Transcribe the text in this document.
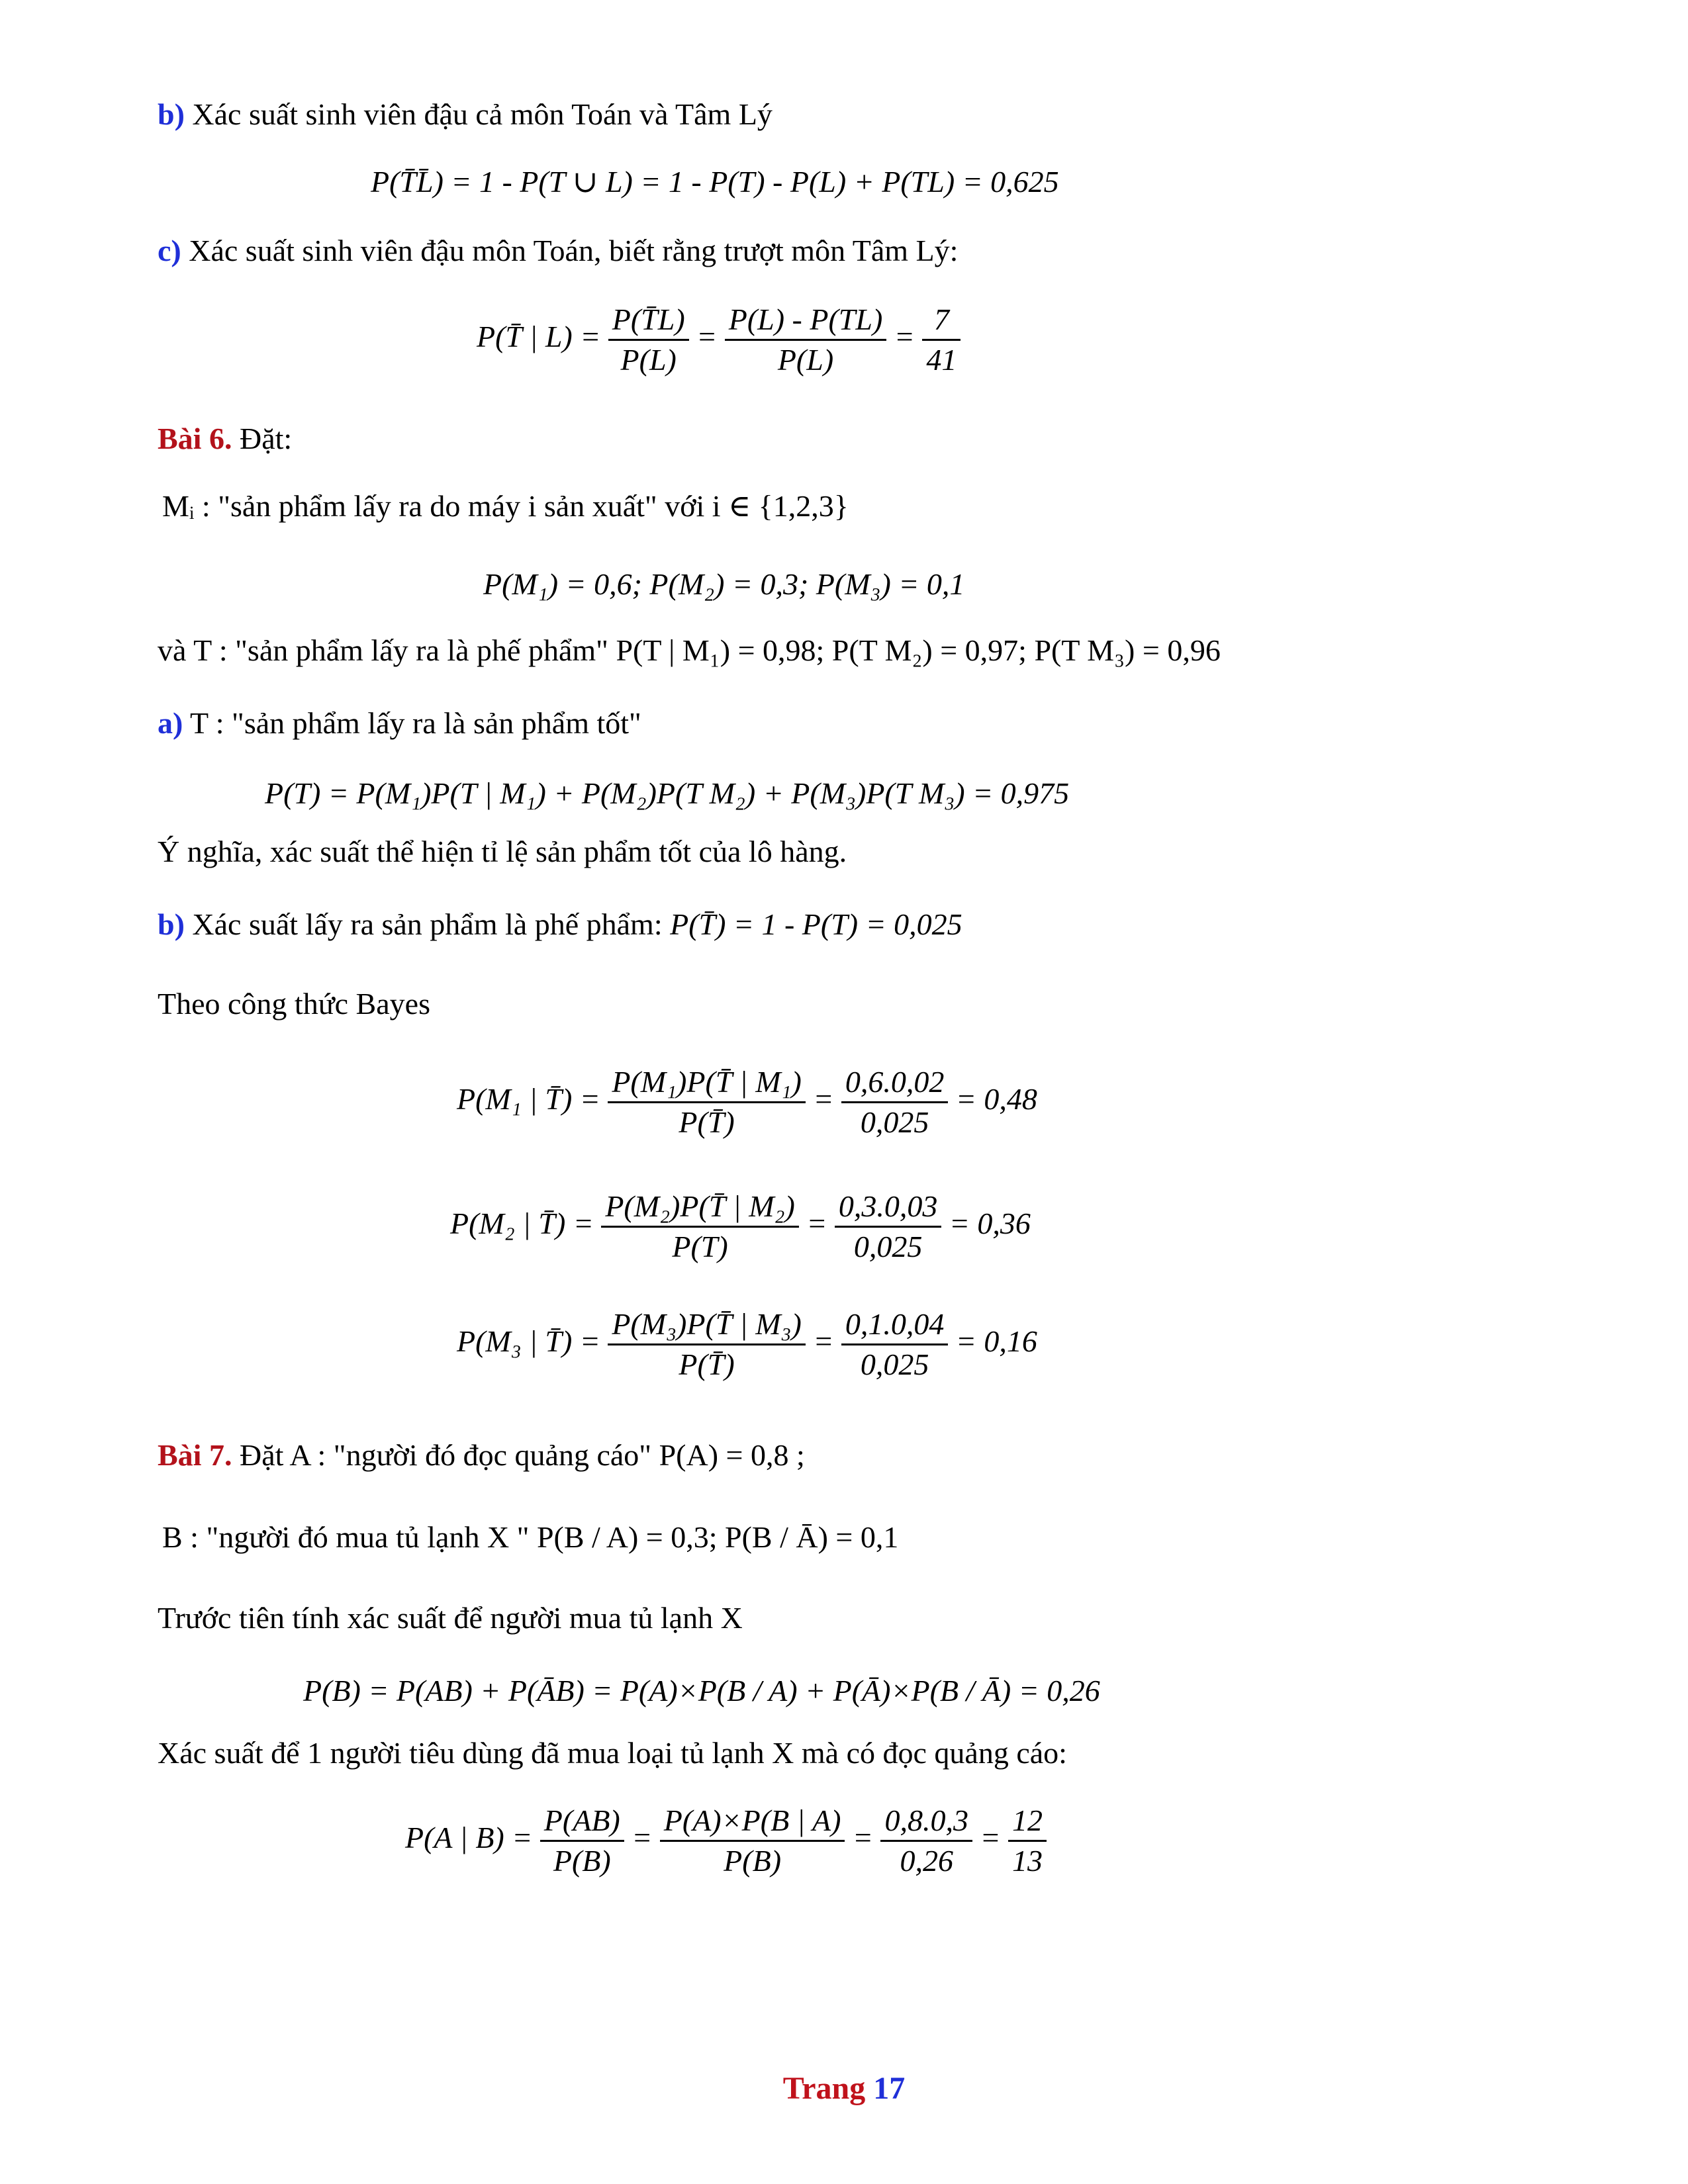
b) Xác suất sinh viên đậu cả môn Toán và Tâm Lý
P(T̄L̄) = 1 - P(T ∪ L) = 1 - P(T) - P(L) + P(TL) = 0,625
c) Xác suất sinh viên đậu môn Toán, biết rằng trượt môn Tâm Lý:
P(T̄ | $L) = \frac{P(T̄L)}{P(L)} = \frac{P(L) - P(TL)}{P(L)} = \frac{7}{41}$
Bài 6. Đặt:
Mᵢ : "sản phẩm lấy ra do máy i sản xuất" với i ∈ {1,2,3}
P(M₁) = 0,6; P(M₂) = 0,3; P(M₃) = 0,1
và T : "sản phẩm lấy ra là phế phẩm" P(T | M₁) = 0,98; P(T M₂) = 0,97; P(T M₃) = 0,96
a) T : "sản phẩm lấy ra là sản phẩm tốt"
P(T) = P(M₁)P(T | M₁) + P(M₂)P(T M₂) + P(M₃)P(T M₃) = 0,975
Ý nghĩa, xác suất thể hiện tỉ lệ sản phẩm tốt của lô hàng.
b) Xác suất lấy ra sản phẩm là phế phẩm: P(T̄) = 1 - P(T) = 0,025
Theo công thức Bayes
P(M₁ | T̄) = $\frac{\text{P(M₁)P(T̄ | M₁)}}{P(T̄)} = \frac{0,6.0,02}{0,025} = 0,48$
P(M₂ | T̄) = $\frac{\text{P(M₂)P(T̄ | M₂)}}{P(T)} = \frac{0,3.0,03}{0,025} = 0,36$
P(M₃ | T̄) = $\frac{\text{P(M₃)P(T̄ | M₃)}}{P(T̄)} = \frac{0,1.0,04}{0,025} = 0,16$
Bài 7. Đặt A : "người đó đọc quảng cáo" P(A) = 0,8 ;
B : "người đó mua tủ lạnh X " P(B / A) = 0,3; P(B / Ā) = 0,1
Trước tiên tính xác suất để người mua tủ lạnh X
P(B) = P(AB) + P(ĀB) = P(A)×P(B / A) + P(Ā)×P(B / Ā) = 0,26
Xác suất để 1 người tiêu dùng đã mua loại tủ lạnh X mà có đọc quảng cáo:
P(A | $B) = \frac{P(AB)}{P(B)} = \frac{P(A)\times P(B | A)}{P(B)} = \frac{0,8.0,3}{0,26} = \frac{12}{13}$
Trang 17
